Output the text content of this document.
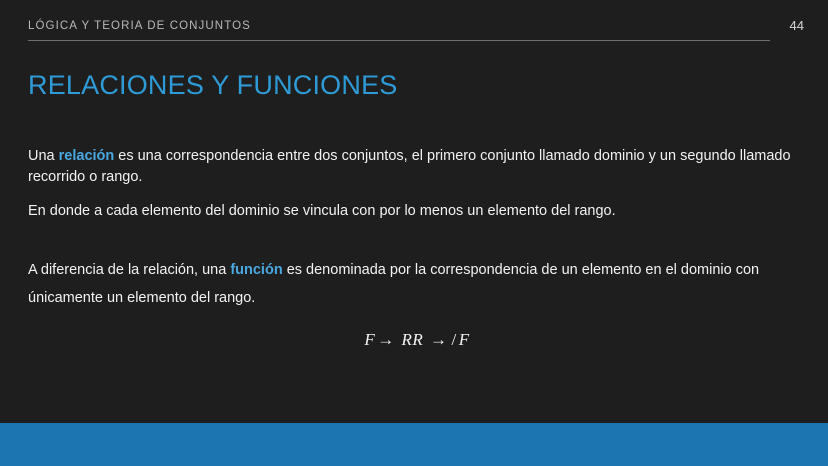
LÓGICA Y TEORIA DE CONJUNTOS	44
RELACIONES Y FUNCIONES

Una relación es una correspondencia entre dos conjuntos, el primero conjunto llamado dominio y un segundo llamado recorrido o rango.

En donde a cada elemento del dominio se vincula con por lo menos un elemento del rango.

A diferencia de la relación, una función es denominada por la correspondencia de un elemento en el dominio con únicamente un elemento del rango.

F → RR → / F
